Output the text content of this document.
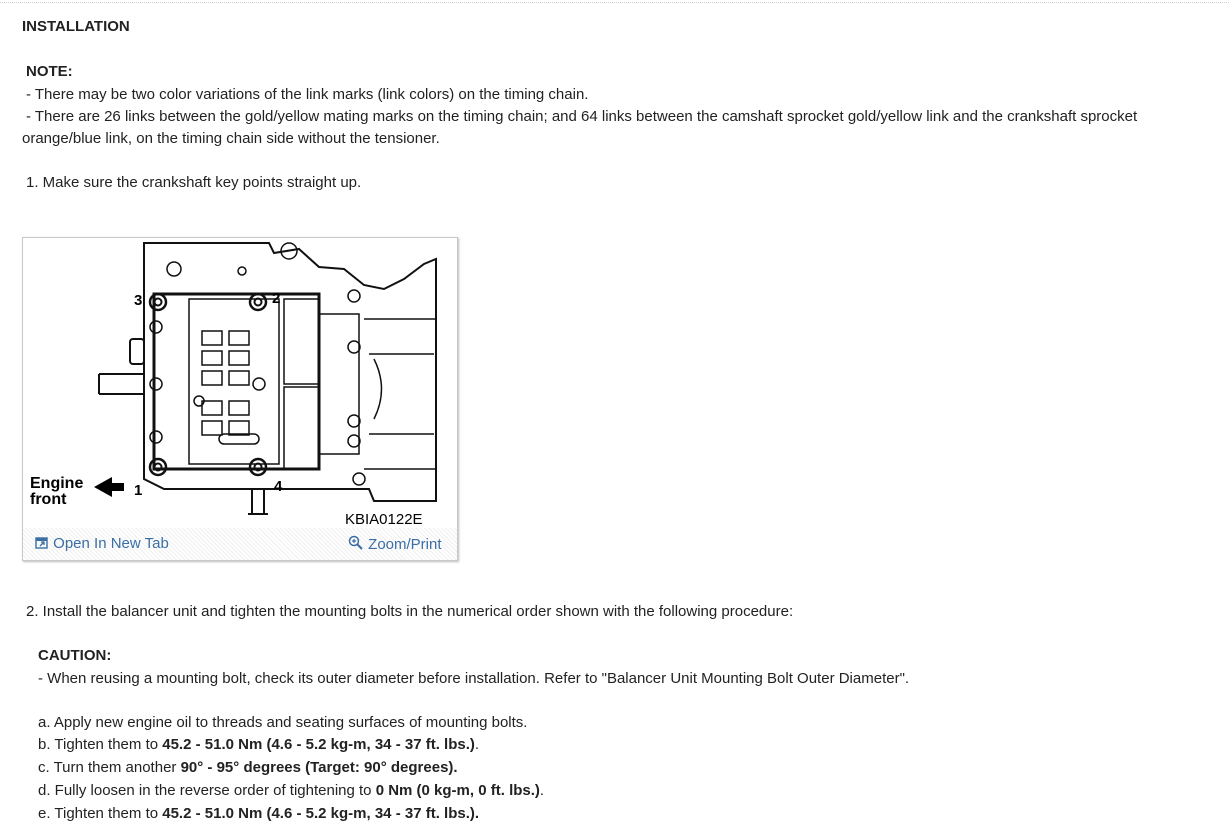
INSTALLATION
NOTE:
- There may be two color variations of the link marks (link colors) on the timing chain.
- There are 26 links between the gold/yellow mating marks on the timing chain; and 64 links between the camshaft sprocket gold/yellow link and the crankshaft sprocket
orange/blue link, on the timing chain side without the tensioner.
1. Make sure the crankshaft key points straight up.
Engine
front
1
2
3
4
KBIA0122E
Open In New Tab	Zoom/Print
2. Install the balancer unit and tighten the mounting bolts in the numerical order shown with the following procedure:
CAUTION:
- When reusing a mounting bolt, check its outer diameter before installation. Refer to "Balancer Unit Mounting Bolt Outer Diameter".
a. Apply new engine oil to threads and seating surfaces of mounting bolts.
b. Tighten them to 45.2 - 51.0 Nm (4.6 - 5.2 kg-m, 34 - 37 ft. lbs.).
c. Turn them another 90° - 95° degrees (Target: 90° degrees).
d. Fully loosen in the reverse order of tightening to 0 Nm (0 kg-m, 0 ft. lbs.).
e. Tighten them to 45.2 - 51.0 Nm (4.6 - 5.2 kg-m, 34 - 37 ft. lbs.).
